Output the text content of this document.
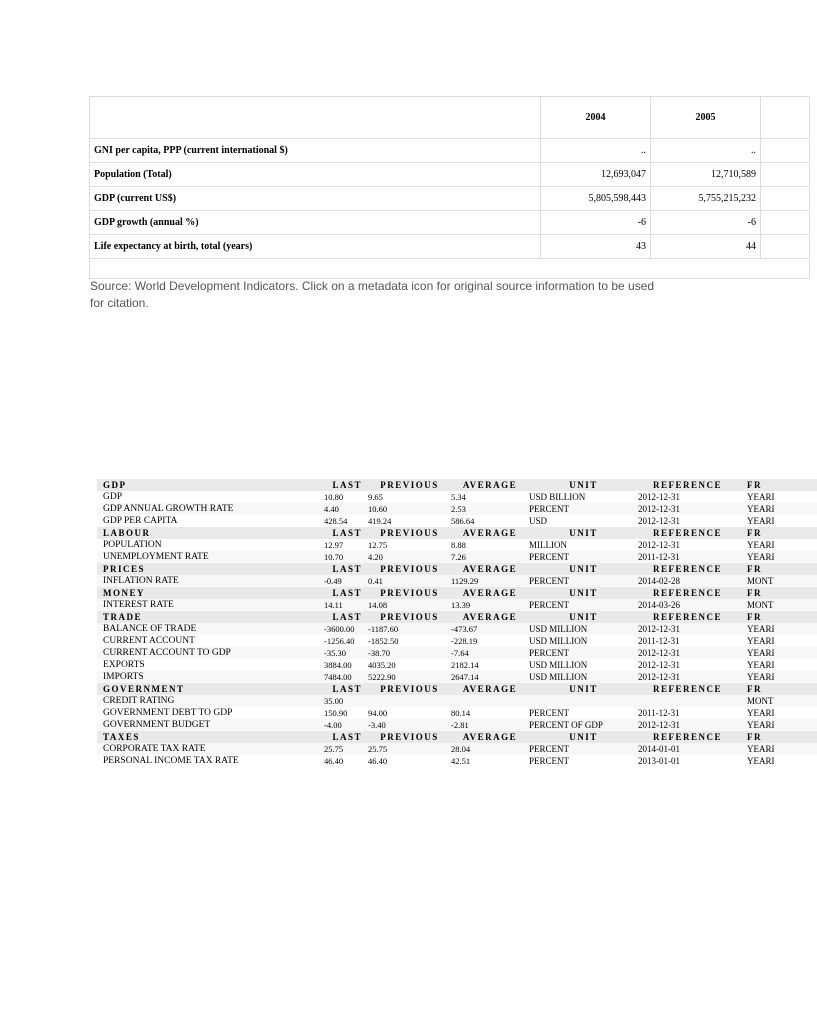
	2004	2005	
GNI per capita, PPP (current international $)	..	..	
Population (Total)	12,693,047	12,710,589	
GDP (current US$)	5,805,598,443	5,755,215,232	
GDP growth (annual %)	-6	-6	
Life expectancy at birth, total (years)	43	44	

Source: World Development Indicators. Click on a metadata icon for original source information to be used for citation.
GDP	LAST	PREVIOUS	AVERAGE	UNIT	REFERENCE	FR
GDP	10.80	9.65	5.34	USD BILLION	2012-12-31	YEARI
GDP ANNUAL GROWTH RATE	4.40	10.60	2.53	PERCENT	2012-12-31	YEARI
GDP PER CAPITA	428.54	419.24	586.64	USD	2012-12-31	YEARI
LABOUR	LAST	PREVIOUS	AVERAGE	UNIT	REFERENCE	FR
POPULATION	12.97	12.75	8.88	MILLION	2012-12-31	YEARI
UNEMPLOYMENT RATE	10.70	4.20	7.26	PERCENT	2011-12-31	YEARI
PRICES	LAST	PREVIOUS	AVERAGE	UNIT	REFERENCE	FR
INFLATION RATE	-0.49	0.41	1129.29	PERCENT	2014-02-28	MONT
MONEY	LAST	PREVIOUS	AVERAGE	UNIT	REFERENCE	FR
INTEREST RATE	14.11	14.08	13.39	PERCENT	2014-03-26	MONT
TRADE	LAST	PREVIOUS	AVERAGE	UNIT	REFERENCE	FR
BALANCE OF TRADE	-3600.00	-1187.60	-473.67	USD MILLION	2012-12-31	YEARI
CURRENT ACCOUNT	-1256.40	-1852.50	-228.19	USD MILLION	2011-12-31	YEARI
CURRENT ACCOUNT TO GDP	-35.30	-38.70	-7.64	PERCENT	2012-12-31	YEARI
EXPORTS	3884.00	4035.20	2182.14	USD MILLION	2012-12-31	YEARI
IMPORTS	7484.00	5222.90	2647.14	USD MILLION	2012-12-31	YEARI
GOVERNMENT	LAST	PREVIOUS	AVERAGE	UNIT	REFERENCE	FR
CREDIT RATING	35.00					MONT
GOVERNMENT DEBT TO GDP	150.90	94.00	80.14	PERCENT	2011-12-31	YEARI
GOVERNMENT BUDGET	-4.00	-3.40	-2.81	PERCENT OF GDP	2012-12-31	YEARI
TAXES	LAST	PREVIOUS	AVERAGE	UNIT	REFERENCE	FR
CORPORATE TAX RATE	25.75	25.75	28.04	PERCENT	2014-01-01	YEARI
PERSONAL INCOME TAX RATE	46.40	46.40	42.51	PERCENT	2013-01-01	YEARI
